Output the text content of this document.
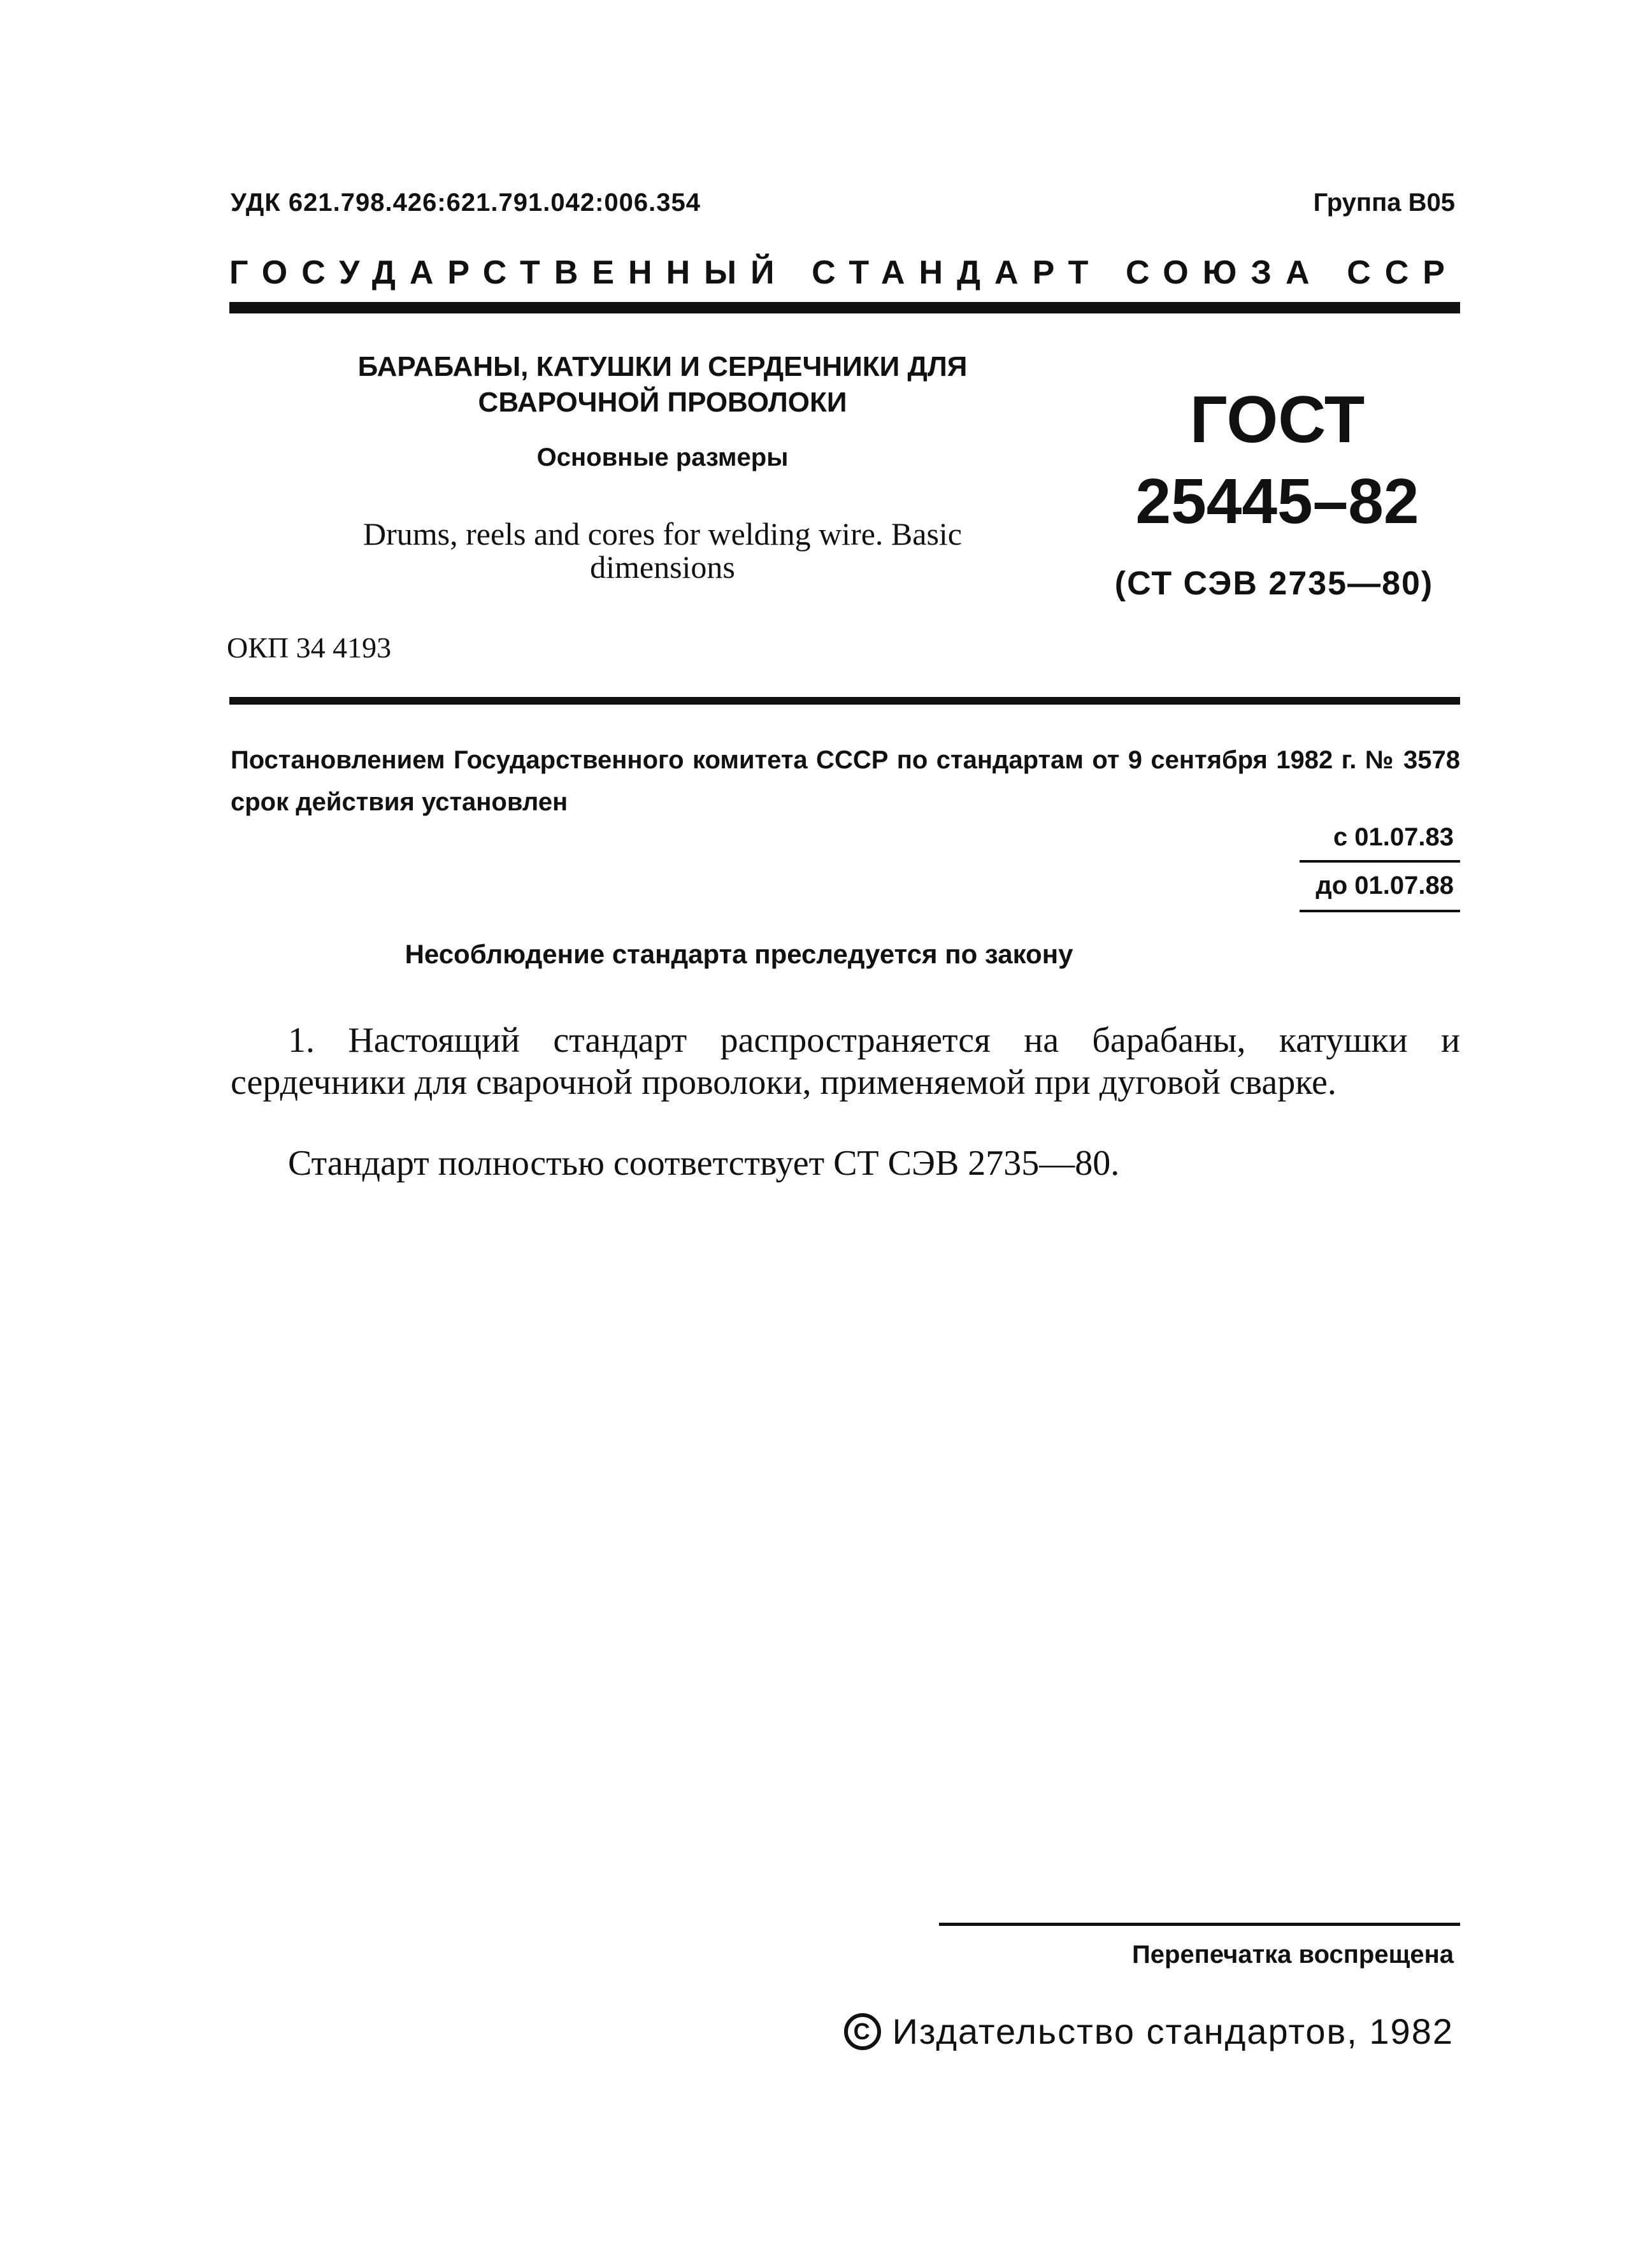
УДК 621.798.426:621.791.042:006.354	Группа В05
ГОСУДАРСТВЕННЫЙ СТАНДАРТ СОЮЗА ССР
БАРАБАНЫ, КАТУШКИ И СЕРДЕЧНИКИ ДЛЯ СВАРОЧНОЙ ПРОВОЛОКИ
Основные размеры
Drums, reels and cores for welding wire. Basic dimensions
ГОСТ
25445–82
(СТ СЭВ 2735—80)
ОКП 34 4193
Постановлением Государственного комитета СССР по стандартам от 9 сентября 1982 г. № 3578 срок действия установлен
с 01.07.83
до 01.07.88
Несоблюдение стандарта преследуется по закону
1. Настоящий стандарт распространяется на барабаны, катушки и сердечники для сварочной проволоки, применяемой при дуговой сварке.
Стандарт полностью соответствует СТ СЭВ 2735—80.
Перепечатка воспрещена
C Издательство стандартов, 1982
